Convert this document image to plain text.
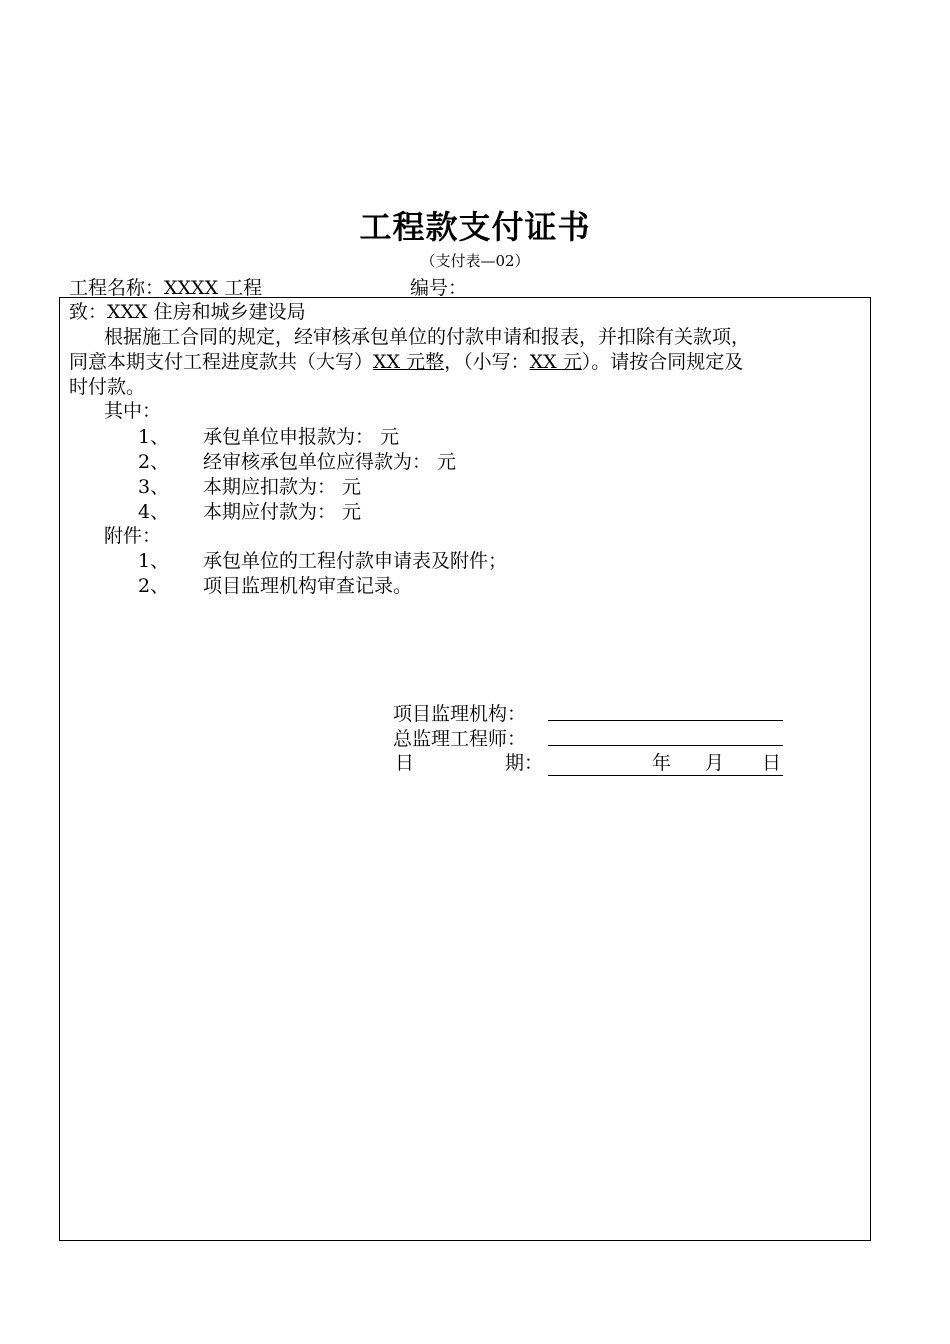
工程款支付证书
（支付表—02）
工程名称：XXXX 工程	编号：
致：XXX 住房和城乡建设局
根据施工合同的规定，经审核承包单位的付款申请和报表，并扣除有关款项，
同意本期支付工程进度款共（大写）XX 元整，（小写：XX 元）。请按合同规定及
时付款。
其中：
1、 承包单位申报款为： 元
2、 经审核承包单位应得款为： 元
3、 本期应扣款为： 元
4、 本期应付款为： 元
附件：
1、 承包单位的工程付款申请表及附件；
2、 项目监理机构审查记录。
项目监理机构：
总监理工程师：
日	期：	年 月 日
